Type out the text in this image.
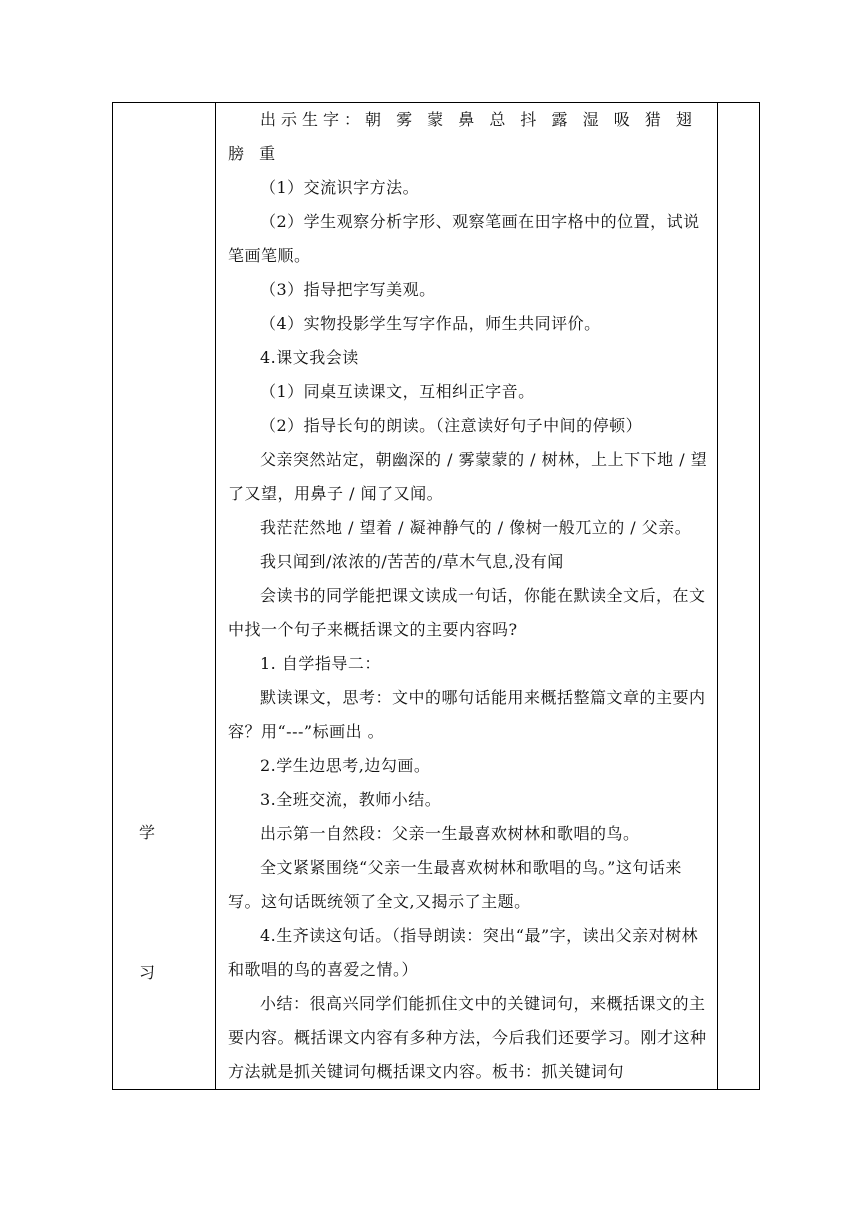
学
习

出示生字：朝 雾 蒙 鼻 总 抖 露 湿 吸 猎 翅 膀 重

（1）交流识字方法。

（2）学生观察分析字形、观察笔画在田字格中的位置，试说笔画笔顺。

（3）指导把字写美观。

（4）实物投影学生写字作品，师生共同评价。

4.课文我会读

（1）同桌互读课文，互相纠正字音。

（2）指导长句的朗读。（注意读好句子中间的停顿）

父亲突然站定，朝幽深的 / 雾蒙蒙的 / 树林，上上下下地 / 望了又望，用鼻子 / 闻了又闻。

我茫茫然地 / 望着 / 凝神静气的 / 像树一般兀立的 / 父亲。

我只闻到/浓浓的/苦苦的/草木气息,没有闻

会读书的同学能把课文读成一句话，你能在默读全文后，在文中找一个句子来概括课文的主要内容吗?

1. 自学指导二：

默读课文，思考：文中的哪句话能用来概括整篇文章的主要内容？用“---”标画出 。

2.学生边思考,边勾画。

3.全班交流，教师小结。

出示第一自然段：父亲一生最喜欢树林和歌唱的鸟。

全文紧紧围绕“父亲一生最喜欢树林和歌唱的鸟。”这句话来写。这句话既统领了全文,又揭示了主题。

4.生齐读这句话。（指导朗读：突出“最”字，读出父亲对树林和歌唱的鸟的喜爱之情。）

小结：很高兴同学们能抓住文中的关键词句，来概括课文的主要内容。概括课文内容有多种方法，今后我们还要学习。刚才这种方法就是抓关键词句概括课文内容。板书：抓关键词句
